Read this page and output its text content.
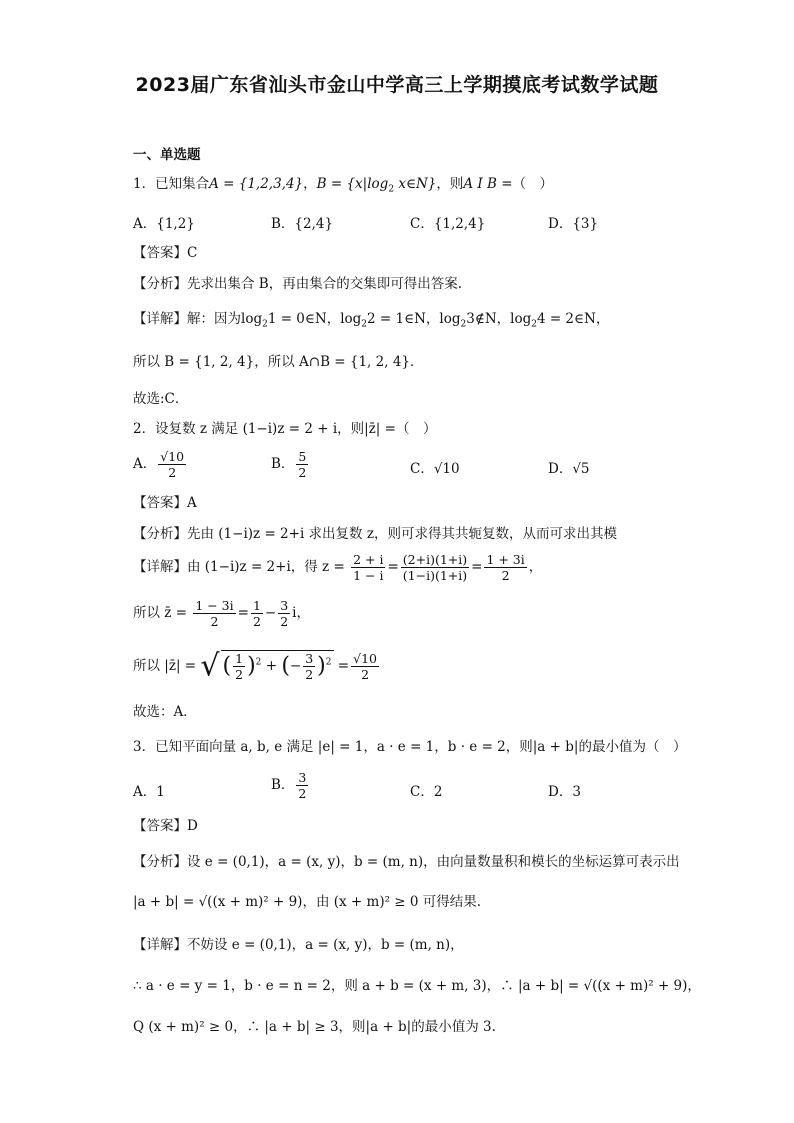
2023届广东省汕头市金山中学高三上学期摸底考试数学试题
一、单选题
1．已知集合A = {1,2,3,4}，$B = \{x|\log_2$ x∈N}，则A I B =（　）
A．{1,2}	B．{2,4}	C．{1,2,4}	D．{3}
【答案】C
【分析】先求出集合 B，再由集合的交集即可得出答案.
【详解】解：因为$\log_21$ = 0∈N，$\log_22$ = 1∈N，$\log_23\notin N$，$\log_24$ = 2∈N，
所以 B = {1, 2, 4}，所以 A∩B = {1, 2, 4}．
故选:C．
2．设复数 z 满足 (1−i)z = 2 + i，则|z̄| =（　）
A． $\frac{√10}{2}$	B． $\frac{5}{2}$	C．√10	D．√5
【答案】A
【分析】先由 (1−i)z = 2+i 求出复数 z，则可求得其共轭复数，从而可求出其模
【详解】由 (1−i)z = 2+i，得 $z = \frac{2 + i}{1 - i} = \frac{(2+i)(1+i)}{(1-i)(1+i)} = \frac{1 + 3i}{2}$ ，
所以 z̄ = $\frac{1 - 3i}{2} = \frac{1}{2} - \frac{3}{2}$ i，
所以 |z̄| = √ ( $\frac{1}{2} )^2$ + (− $\frac{3}{2} )^2 = \frac{√10}{2}$
故选：A．
3．已知平面向量 a, b, e 满足 |e| = 1，a · e = 1，b · e = 2，则|a + b|的最小值为（　）
A．1	B． $\frac{3}{2}$	C．2	D．3
【答案】D
【分析】设 e = (0,1)，a = (x, y)，b = (m, n)，由向量数量积和模长的坐标运算可表示出
|a + b| = √((x + m)² + 9)，由 (x + m)² ≥ 0 可得结果.
【详解】不妨设 e = (0,1)，a = (x, y)，b = (m, n)，
∴ a · e = y = 1，b · e = n = 2，则 a + b = (x + m, 3)，∴ |a + b| = √((x + m)² + 9)，
Q (x + m)² ≥ 0，∴ |a + b| ≥ 3，则|a + b|的最小值为 3.
